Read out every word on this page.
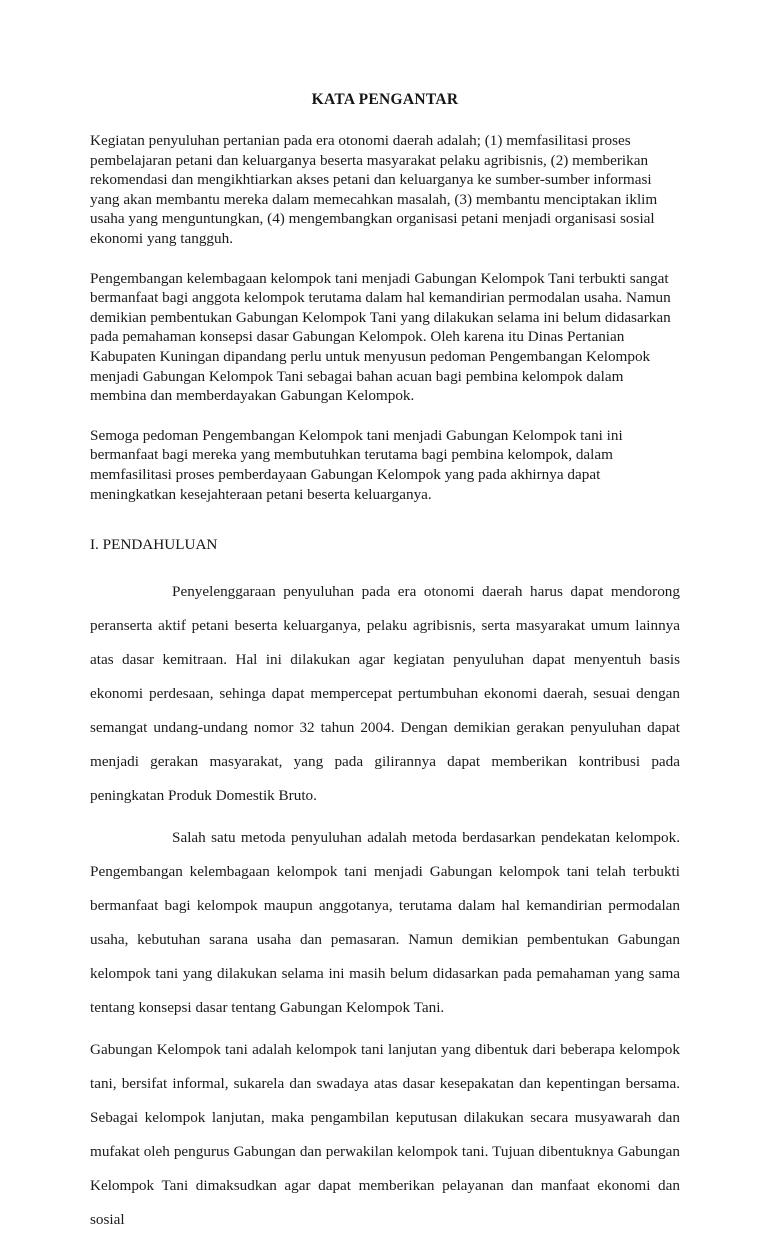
KATA PENGANTAR

Kegiatan penyuluhan pertanian pada era otonomi daerah adalah; (1) memfasilitasi proses pembelajaran petani dan keluarganya beserta masyarakat pelaku agribisnis, (2) memberikan rekomendasi dan mengikhtiarkan akses petani dan keluarganya ke sumber-sumber informasi yang akan membantu mereka dalam memecahkan masalah, (3) membantu menciptakan iklim usaha yang menguntungkan, (4) mengembangkan organisasi petani menjadi organisasi sosial ekonomi yang tangguh.

Pengembangan kelembagaan kelompok tani menjadi Gabungan Kelompok Tani terbukti sangat bermanfaat bagi anggota kelompok terutama dalam hal kemandirian permodalan usaha. Namun demikian pembentukan Gabungan Kelompok Tani yang dilakukan selama ini belum didasarkan pada pemahaman konsepsi dasar Gabungan Kelompok. Oleh karena itu Dinas Pertanian Kabupaten Kuningan dipandang perlu untuk menyusun pedoman Pengembangan Kelompok menjadi Gabungan Kelompok Tani sebagai bahan acuan bagi pembina kelompok dalam membina dan memberdayakan Gabungan Kelompok.

Semoga pedoman Pengembangan Kelompok tani menjadi Gabungan Kelompok tani ini bermanfaat bagi mereka yang membutuhkan terutama bagi pembina kelompok, dalam memfasilitasi proses pemberdayaan Gabungan Kelompok yang pada akhirnya dapat meningkatkan kesejahteraan petani beserta keluarganya.

I. PENDAHULUAN

Penyelenggaraan penyuluhan pada era otonomi daerah harus dapat mendorong peranserta aktif petani beserta keluarganya, pelaku agribisnis, serta masyarakat umum lainnya atas dasar kemitraan. Hal ini dilakukan agar kegiatan penyuluhan dapat menyentuh basis ekonomi perdesaan, sehinga dapat mempercepat pertumbuhan ekonomi daerah, sesuai dengan semangat undang-undang nomor 32 tahun 2004. Dengan demikian gerakan penyuluhan dapat menjadi gerakan masyarakat, yang pada gilirannya dapat memberikan kontribusi pada peningkatan Produk Domestik Bruto.

Salah satu metoda penyuluhan adalah metoda berdasarkan pendekatan kelompok. Pengembangan kelembagaan kelompok tani menjadi Gabungan kelompok tani telah terbukti bermanfaat bagi kelompok maupun anggotanya, terutama dalam hal kemandirian permodalan usaha, kebutuhan sarana usaha dan pemasaran. Namun demikian pembentukan Gabungan kelompok tani yang dilakukan selama ini masih belum didasarkan pada pemahaman yang sama tentang konsepsi dasar tentang Gabungan Kelompok Tani.

Gabungan Kelompok tani adalah kelompok tani lanjutan yang dibentuk dari beberapa kelompok tani, bersifat informal, sukarela dan swadaya atas dasar kesepakatan dan kepentingan bersama. Sebagai kelompok lanjutan, maka pengambilan keputusan dilakukan secara musyawarah dan mufakat oleh pengurus Gabungan dan perwakilan kelompok tani. Tujuan dibentuknya Gabungan Kelompok Tani dimaksudkan agar dapat memberikan pelayanan dan manfaat ekonomi dan sosial
